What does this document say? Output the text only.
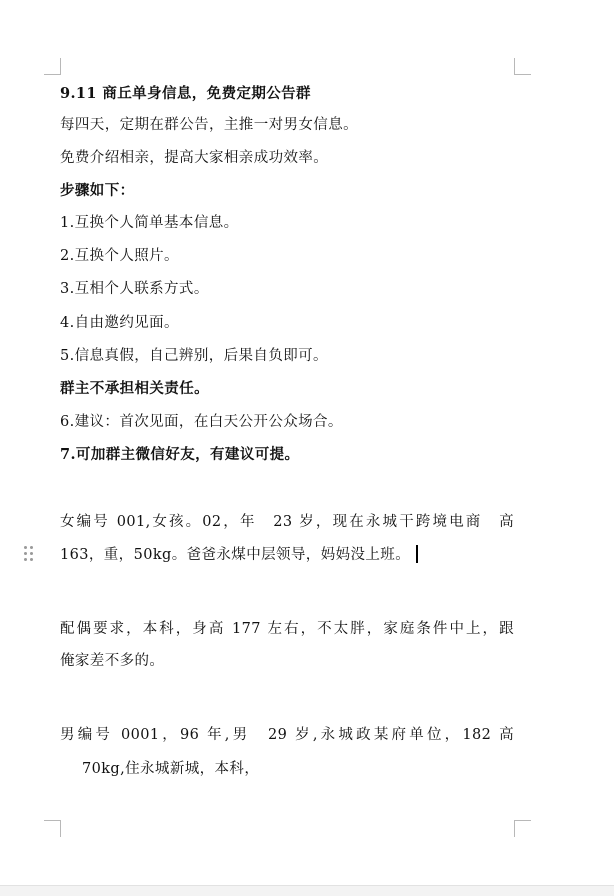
9.11 商丘单身信息，免费定期公告群
每四天，定期在群公告，主推一对男女信息。
免费介绍相亲，提高大家相亲成功效率。
步骤如下：
1.互换个人简单基本信息。
2.互换个人照片。
3.互相个人联系方式。
4.自由邀约见面。
5.信息真假，自己辨别，后果自负即可。
群主不承担相关责任。
6.建议：首次见面，在白天公开公众场合。
7.可加群主微信好友，有建议可提。
女编号 001,女孩。02，年　23 岁，现在永城干跨境电商　高
163，重，50kg。爸爸永煤中层领导，妈妈没上班。
配偶要求，本科，身高 177 左右，不太胖，家庭条件中上，跟
俺家差不多的。
男编号 0001，96 年,男　29 岁,永城政某府单位，182 高
70kg,住永城新城，本科，
